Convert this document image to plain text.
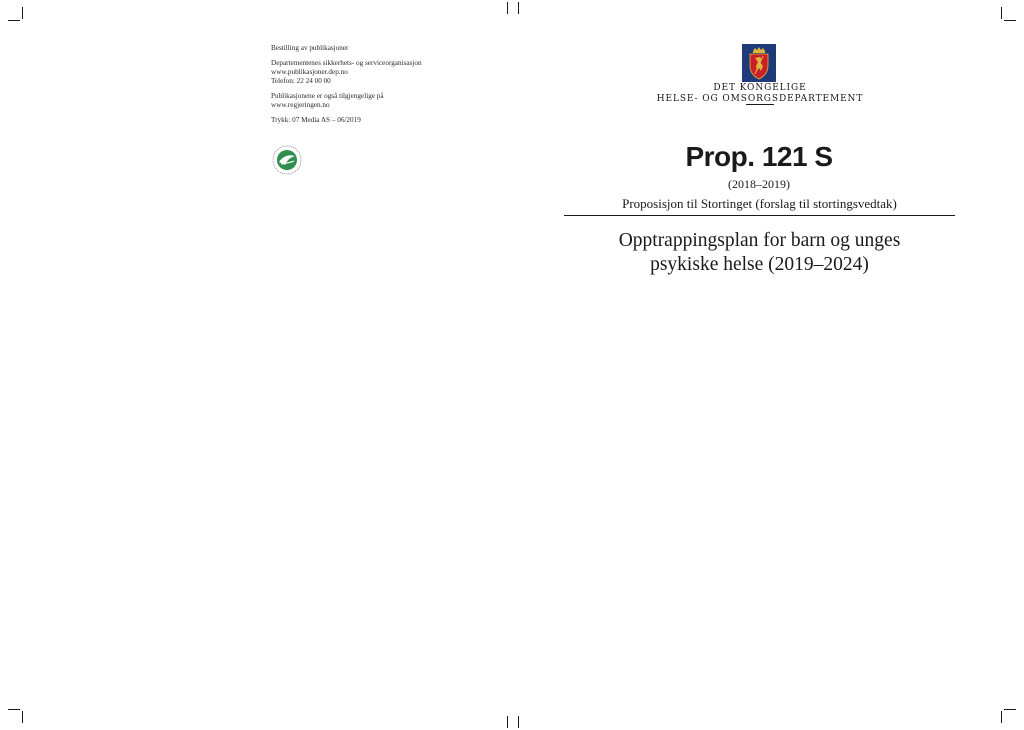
Bestilling av publikasjoner

Departementenes sikkerhets- og serviceorganisasjon
www.publikasjoner.dep.no
Telefon: 22 24 00 00

Publikasjonene er også tilgjengelige på
www.regjeringen.no

Trykk: 07 Media AS – 06/2019

DET KONGELIGE
HELSE- OG OMSORGSDEPARTEMENT
Prop. 121 S
(2018–2019)
Proposisjon til Stortinget (forslag til stortingsvedtak)
Opptrappingsplan for barn og unges
psykiske helse (2019–2024)
